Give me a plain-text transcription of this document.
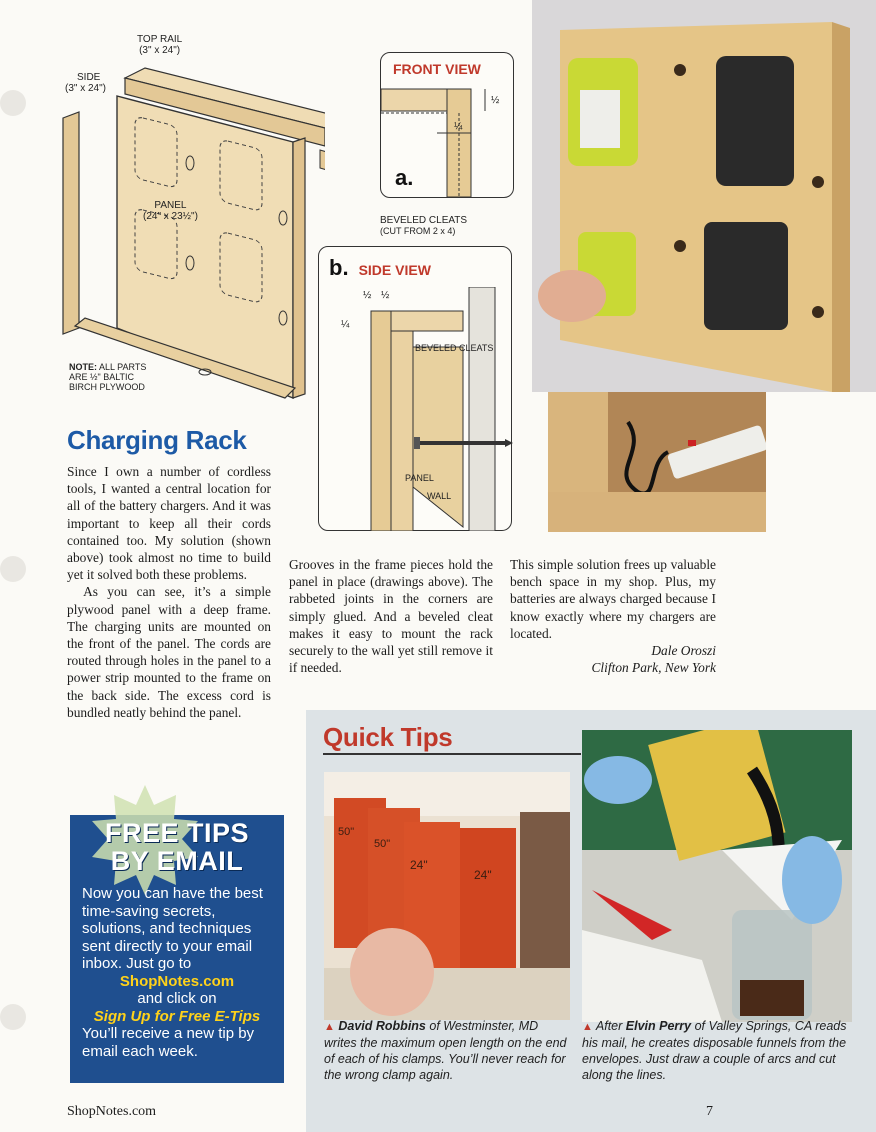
TOP RAIL
(3" x 24")
SIDE
(3" x 24")
PANEL
(24" x 23½")
NOTE: ALL PARTS ARE ½" BALTIC BIRCH PLYWOOD
BEVELED CLEATS
(CUT FROM 2 x 4)
FRONT VIEW
½
¼
a.
b. SIDE VIEW
½ ½
¼
BEVELED CLEATS
PANEL
WALL
Charging Rack

Since I own a number of cordless tools, I wanted a central location for all of the battery chargers. And it was important to keep all their cords contained too. My solution (shown above) took almost no time to build yet it solved both these problems.

As you can see, it’s a simple plywood panel with a deep frame. The charging units are mounted on the front of the panel. The cords are routed through holes in the panel to a power strip mounted to the frame on the back side. The excess cord is bundled neatly behind the panel.

Grooves in the frame pieces hold the panel in place (drawings above). The rabbeted joints in the corners are simply glued. And a beveled cleat makes it easy to mount the rack securely to the wall yet still remove it if needed.

This simple solution frees up valuable bench space in my shop. Plus, my batteries are always charged because I know exactly where my chargers are located.

Dale Oroszi
Clifton Park, New York
FREE TIPS
BY EMAIL
Now you can have the best time-saving secrets, solutions, and techniques sent directly to your email inbox. Just go to
ShopNotes.com
and click on
Sign Up for Free E-Tips
You’ll receive a new tip by email each week.
Quick Tips
50"
50"
24"
24"
▲ David Robbins of Westminster, MD writes the maximum open length on the end of each of his clamps. You’ll never reach for the wrong clamp again.
▲ After Elvin Perry of Valley Springs, CA reads his mail, he creates disposable funnels from the envelopes. Just draw a couple of arcs and cut along the lines.
ShopNotes.com	7
